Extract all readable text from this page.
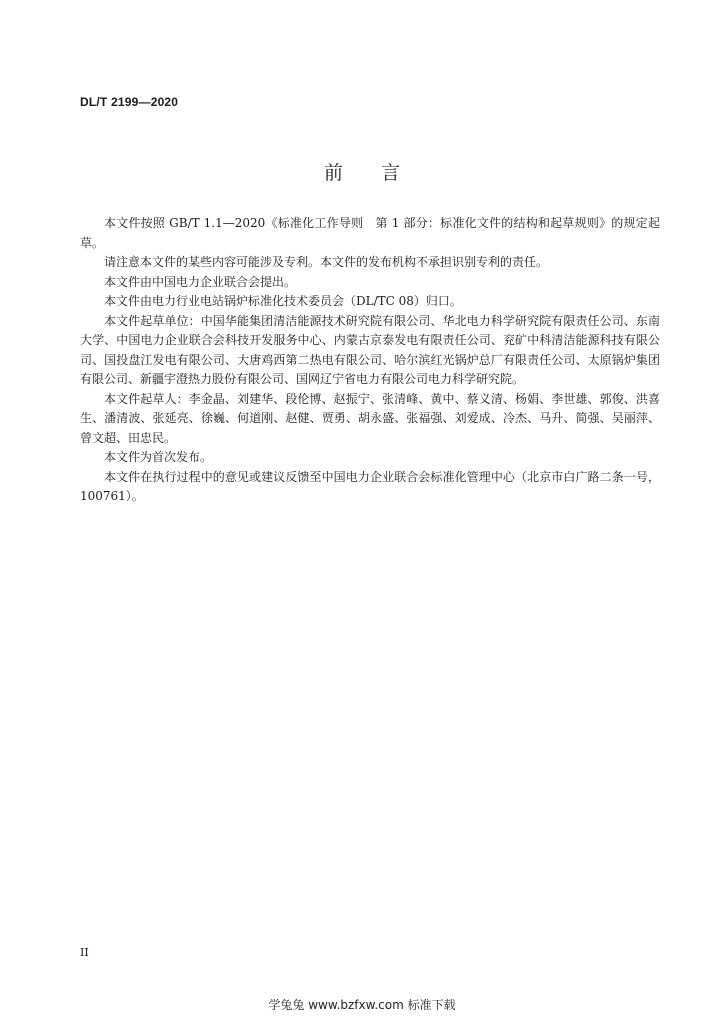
DL/T 2199—2020
前言

本文件按照 GB/T 1.1—2020《标准化工作导则　第 1 部分：标准化文件的结构和起草规则》的规定起草。

请注意本文件的某些内容可能涉及专利。本文件的发布机构不承担识别专利的责任。

本文件由中国电力企业联合会提出。

本文件由电力行业电站锅炉标准化技术委员会（DL/TC 08）归口。

本文件起草单位：中国华能集团清洁能源技术研究院有限公司、华北电力科学研究院有限责任公司、东南大学、中国电力企业联合会科技开发服务中心、内蒙古京泰发电有限责任公司、兖矿中科清洁能源科技有限公司、国投盘江发电有限公司、大唐鸡西第二热电有限公司、哈尔滨红光锅炉总厂有限责任公司、太原锅炉集团有限公司、新疆宇澄热力股份有限公司、国网辽宁省电力有限公司电力科学研究院。

本文件起草人：李金晶、刘建华、段伦博、赵振宁、张清峰、黄中、蔡义清、杨娟、李世雄、郭俊、洪喜生、潘清波、张延亮、徐巍、何道刚、赵健、贾勇、胡永盛、张福强、刘爱成、冷杰、马升、简强、吴丽萍、曾文超、田忠民。

本文件为首次发布。

本文件在执行过程中的意见或建议反馈至中国电力企业联合会标准化管理中心（北京市白广路二条一号，100761）。

II
学兔兔 www.bzfxw.com 标准下载
